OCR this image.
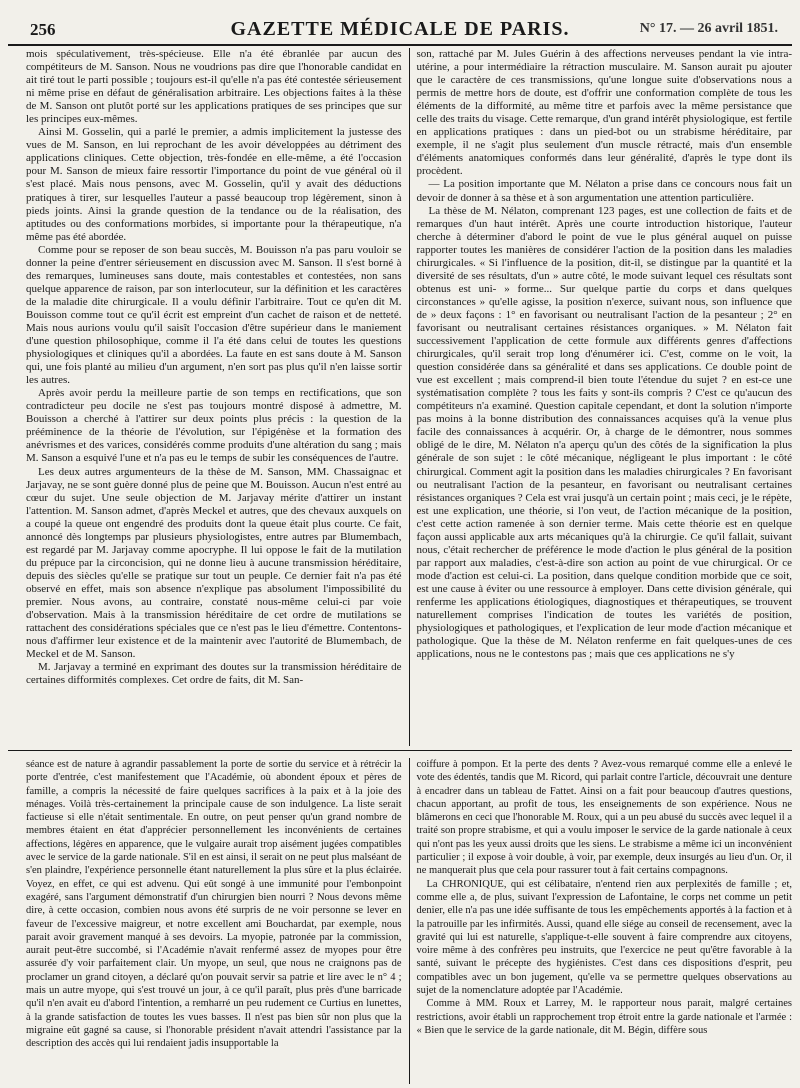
256	GAZETTE MÉDICALE DE PARIS.	N° 17. — 26 avril 1851.

mois spéculativement, très-spécieuse. Elle n'a été ébranlée par aucun des compétiteurs de M. Sanson. Nous ne voudrions pas dire que l'honorable candidat en ait tiré tout le parti possible ; toujours est-il qu'elle n'a pas été contestée sérieusement ni même prise en défaut de généralisation arbitraire. Les objections faites à la thèse de M. Sanson ont plutôt porté sur les applications pratiques de ses principes que sur les principes eux-mêmes.

Ainsi M. Gosselin, qui a parlé le premier, a admis implicitement la justesse des vues de M. Sanson, en lui reprochant de les avoir développées au détriment des applications cliniques. Cette objection, très-fondée en elle-même, a été l'occasion pour M. Sanson de mieux faire ressortir l'importance du point de vue général où il s'est placé. Mais nous pensons, avec M. Gosselin, qu'il y avait des déductions pratiques à tirer, sur lesquelles l'auteur a passé beaucoup trop légèrement, sinon à pieds joints. Ainsi la grande question de la tendance ou de la réalisation, des aptitudes ou des conformations morbides, si importante pour la thérapeutique, n'a même pas été abordée.

Comme pour se reposer de son beau succès, M. Bouisson n'a pas paru vouloir se donner la peine d'entrer sérieusement en discussion avec M. Sanson. Il s'est borné à des remarques, lumineuses sans doute, mais contestables et contestées, non sans quelque apparence de raison, par son interlocuteur, sur la définition et les caractères de la maladie dite chirurgicale. Il a voulu définir l'arbitraire. Tout ce qu'en dit M. Bouisson comme tout ce qu'il écrit est empreint d'un cachet de raison et de netteté. Mais nous aurions voulu qu'il saisît l'occasion d'être supérieur dans le maniement d'une question philosophique, comme il l'a été dans celui de toutes les questions physiologiques et cliniques qu'il a abordées. La faute en est sans doute à M. Sanson qui, une fois planté au milieu d'un argument, n'en sort pas plus qu'il n'en laisse sortir les autres.

Après avoir perdu la meilleure partie de son temps en rectifications, que son contradicteur peu docile ne s'est pas toujours montré disposé à admettre, M. Bouisson a cherché à l'attirer sur deux points plus précis : la question de la prééminence de la théorie de l'évolution, sur l'épigénèse et la formation des anévrismes et des varices, considérés comme produits d'une altération du sang ; mais M. Sanson a esquivé l'une et n'a pas eu le temps de subir les conséquences de l'autre.

Les deux autres argumenteurs de la thèse de M. Sanson, MM. Chassaignac et Jarjavay, ne se sont guère donné plus de peine que M. Bouisson. Aucun n'est entré au cœur du sujet. Une seule objection de M. Jarjavay mérite d'attirer un instant l'attention. M. Sanson admet, d'après Meckel et autres, que des chevaux auxquels on a coupé la queue ont engendré des produits dont la queue était plus courte. Ce fait, annoncé dès longtemps par plusieurs physiologistes, entre autres par Blumembach, est regardé par M. Jarjavay comme apocryphe. Il lui oppose le fait de la mutilation du prépuce par la circoncision, qui ne donne lieu à aucune transmission héréditaire, depuis des siècles qu'elle se pratique sur tout un peuple. Ce dernier fait n'a pas été observé en effet, mais son absence n'explique pas absolument l'impossibilité du premier. Nous avons, au contraire, constaté nous-même celui-ci par voie d'observation. Mais à la transmission héréditaire de cet ordre de mutilations se rattachent des considérations spéciales que ce n'est pas le lieu d'émettre. Contentons-nous d'affirmer leur existence et de la maintenir avec l'autorité de Blumembach, de Meckel et de M. Sanson.

M. Jarjavay a terminé en exprimant des doutes sur la transmission héréditaire de certaines difformités complexes. Cet ordre de faits, dit M. San-

son, rattaché par M. Jules Guérin à des affections nerveuses pendant la vie intra-utérine, a pour intermédiaire la rétraction musculaire. M. Sanson aurait pu ajouter que le caractère de ces transmissions, qu'une longue suite d'observations nous a permis de mettre hors de doute, est d'offrir une conformation complète de tous les éléments de la difformité, au même titre et parfois avec la même persistance que celle des traits du visage. Cette remarque, d'un grand intérêt physiologique, est fertile en applications pratiques : dans un pied-bot ou un strabisme héréditaire, par exemple, il ne s'agit plus seulement d'un muscle rétracté, mais d'un ensemble d'éléments anatomiques conformés dans leur généralité, d'après le type dont ils procèdent.

— La position importante que M. Nélaton a prise dans ce concours nous fait un devoir de donner à sa thèse et à son argumentation une attention particulière.

La thèse de M. Nélaton, comprenant 123 pages, est une collection de faits et de remarques d'un haut intérêt. Après une courte introduction historique, l'auteur cherche à déterminer d'abord le point de vue le plus général auquel on puisse rapporter toutes les manières de considérer l'action de la position dans les maladies chirurgicales. « Si l'influence de la position, dit-il, se distingue par la quantité et la diversité de ses résultats, d'un » autre côté, le mode suivant lequel ces résultats sont obtenus est uni- » forme... Sur quelque partie du corps et dans quelques circonstances » qu'elle agisse, la position n'exerce, suivant nous, son influence que de » deux façons : 1° en favorisant ou neutralisant l'action de la pesanteur ; 2° en favorisant ou neutralisant certaines résistances organiques. » M. Nélaton fait successivement l'application de cette formule aux différents genres d'affections chirurgicales, qu'il serait trop long d'énumérer ici. C'est, comme on le voit, la question considérée dans sa généralité et dans ses applications. Ce double point de vue est excellent ; mais comprend-il bien toute l'étendue du sujet ? en est-ce une systématisation complète ? tous les faits y sont-ils compris ? C'est ce qu'aucun des compétiteurs n'a examiné. Question capitale cependant, et dont la solution n'importe pas moins à la bonne distribution des connaissances acquises qu'à la venue plus facile des connaissances à acquérir. Or, à charge de le démontrer, nous sommes obligé de le dire, M. Nélaton n'a aperçu qu'un des côtés de la signification la plus générale de son sujet : le côté mécanique, négligeant le plus important : le côté chirurgical. Comment agit la position dans les maladies chirurgicales ? En favorisant ou neutralisant l'action de la pesanteur, en favorisant ou neutralisant certaines résistances organiques ? Cela est vrai jusqu'à un certain point ; mais ceci, je le répète, est une explication, une théorie, si l'on veut, de l'action mécanique de la position, c'est cette action ramenée à son dernier terme. Mais cette théorie est en quelque façon aussi applicable aux arts mécaniques qu'à la chirurgie. Ce qu'il fallait, suivant nous, c'était rechercher de préférence le mode d'action le plus général de la position par rapport aux maladies, c'est-à-dire son action au point de vue chirurgical. Or ce mode d'action est celui-ci. La position, dans quelque condition morbide que ce soit, est une cause à éviter ou une ressource à employer. Dans cette division générale, qui renferme les applications étiologiques, diagnostiques et thérapeutiques, se trouvent naturellement comprises l'indication de toutes les variétés de position, physiologiques et pathologiques, et l'explication de leur mode d'action mécanique et pathologique. Que la thèse de M. Nélaton renferme en fait quelques-unes de ces applications, nous ne le contestons pas ; mais que ces applications ne s'y

séance est de nature à agrandir passablement la porte de sortie du service et à rétrécir la porte d'entrée, c'est manifestement que l'Académie, où abondent époux et pères de famille, a compris la nécessité de faire quelques sacrifices à la paix et à la joie des ménages. Voilà très-certainement la principale cause de son indulgence. La liste serait factieuse si elle n'était sentimentale. En outre, on peut penser qu'un grand nombre de membres étaient en état d'apprécier personnellement les inconvénients de certaines affections, légères en apparence, que le vulgaire aurait trop aisément jugées compatibles avec le service de la garde nationale. S'il en est ainsi, il serait on ne peut plus malséant de s'en plaindre, l'expérience personnelle étant naturellement la plus sûre et la plus éclairée. Voyez, en effet, ce qui est advenu. Qui eût songé à une immunité pour l'embonpoint exagéré, sans l'argument démonstratif d'un chirurgien bien nourri ? Nous devons même dire, à cette occasion, combien nous avons été surpris de ne voir personne se lever en faveur de l'excessive maigreur, et notre excellent ami Bouchardat, par exemple, nous parait avoir gravement manqué à ses devoirs. La myopie, patronée par la commission, aurait peut-être succombé, si l'Académie n'avait renfermé assez de myopes pour être assurée d'y voir parfaitement clair. Un myope, un seul, que nous ne craignons pas de proclamer un grand citoyen, a déclaré qu'on pouvait servir sa patrie et lire avec le n° 4 ; mais un autre myope, qui s'est trouvé un jour, à ce qu'il paraît, plus près d'une barricade qu'il n'en avait eu d'abord l'intention, a remharré un peu rudement ce Curtius en lunettes, à la grande satisfaction de toutes les vues basses. Il n'est pas bien sûr non plus que la migraine eût gagné sa cause, si l'honorable président n'avait attendri l'assistance par la description des accès qui lui rendaient jadis insupportable la

coiffure à pompon. Et la perte des dents ? Avez-vous remarqué comme elle a enlevé le vote des édentés, tandis que M. Ricord, qui parlait contre l'article, découvrait une denture à encadrer dans un tableau de Fattet. Ainsi on a fait pour beaucoup d'autres questions, chacun apportant, au profit de tous, les enseignements de son expérience. Nous ne blâmerons en ceci que l'honorable M. Roux, qui a un peu abusé du succès avec lequel il a traité son propre strabisme, et qui a voulu imposer le service de la garde nationale à ceux qui n'ont pas les yeux aussi droits que les siens. Le strabisme a même ici un inconvénient particulier ; il expose à voir double, à voir, par exemple, deux insurgés au lieu d'un. Or, il ne manquerait plus que cela pour rassurer tout à fait certains compagnons.

La CHRONIQUE, qui est célibataire, n'entend rien aux perplexités de famille ; et, comme elle a, de plus, suivant l'expression de Lafontaine, le corps net comme un petit denier, elle n'a pas une idée suffisante de tous les empêchements apportés à la faction et à la patrouille par les infirmités. Aussi, quand elle siége au conseil de recensement, avec la gravité qui lui est naturelle, s'applique-t-elle souvent à faire comprendre aux citoyens, voire même à des confrères peu instruits, que l'exercice ne peut qu'être favorable à la santé, suivant le précepte des hygiénistes. C'est dans ces dispositions d'esprit, peu compatibles avec un bon jugement, qu'elle va se permettre quelques observations au sujet de la nomenclature adoptée par l'Académie.

Comme à MM. Roux et Larrey, M. le rapporteur nous parait, malgré certaines restrictions, avoir établi un rapprochement trop étroit entre la garde nationale et l'armée : « Bien que le service de la garde nationale, dit M. Bégin, diffère sous
